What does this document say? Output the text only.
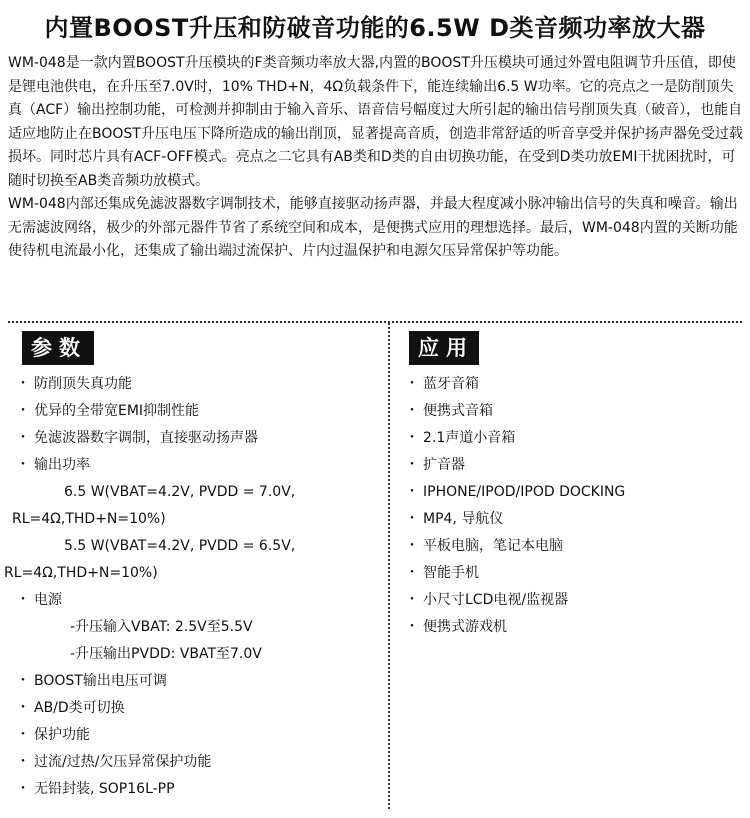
内置BOOST升压和防破音功能的6.5W D类音频功率放大器

WM-048是一款内置BOOST升压模块的F类音频功率放大器,内置的BOOST升压模块可通过外置电阻调节升压值，即使是锂电池供电，在升压至7.0V时，10% THD+N，4Ω负载条件下，能连续输出6.5 W功率。它的亮点之一是防削顶失真（ACF）输出控制功能，可检测并抑制由于输入音乐、语音信号幅度过大所引起的输出信号削顶失真（破音），也能自适应地防止在BOOST升压电压下降所造成的输出削顶，显著提高音质，创造非常舒适的听音享受并保护扬声器免受过载损坏。同时芯片具有ACF-OFF模式。亮点之二它具有AB类和D类的自由切换功能，在受到D类功放EMI干扰困扰时，可随时切换至AB类音频功放模式。

WM-048内部还集成免滤波器数字调制技术，能够直接驱动扬声器，并最大程度减小脉冲输出信号的失真和噪音。输出无需滤波网络，极少的外部元器件节省了系统空间和成本，是便携式应用的理想选择。最后，WM-048内置的关断功能使待机电流最小化，还集成了输出端过流保护、片内过温保护和电源欠压异常保护等功能。

参数	应用
・ 防削顶失真功能
・ 优异的全带宽EMI抑制性能
・ 免滤波器数字调制，直接驱动扬声器
・ 输出功率
6.5 W(VBAT=4.2V, PVDD = 7.0V,
RL=4Ω,THD+N=10%)
5.5 W(VBAT=4.2V, PVDD = 6.5V,
RL=4Ω,THD+N=10%)
・ 电源
-升压输入VBAT: 2.5V至5.5V
-升压输出PVDD: VBAT至7.0V
・ BOOST输出电压可调
・ AB/D类可切换
・ 保护功能
・ 过流/过热/欠压异常保护功能
・ 无铅封装, SOP16L-PP
・ 蓝牙音箱
・ 便携式音箱
・ 2.1声道小音箱
・ 扩音器
・ IPHONE/IPOD/IPOD DOCKING
・ MP4, 导航仪
・ 平板电脑，笔记本电脑
・ 智能手机
・ 小尺寸LCD电视/监视器
・ 便携式游戏机
